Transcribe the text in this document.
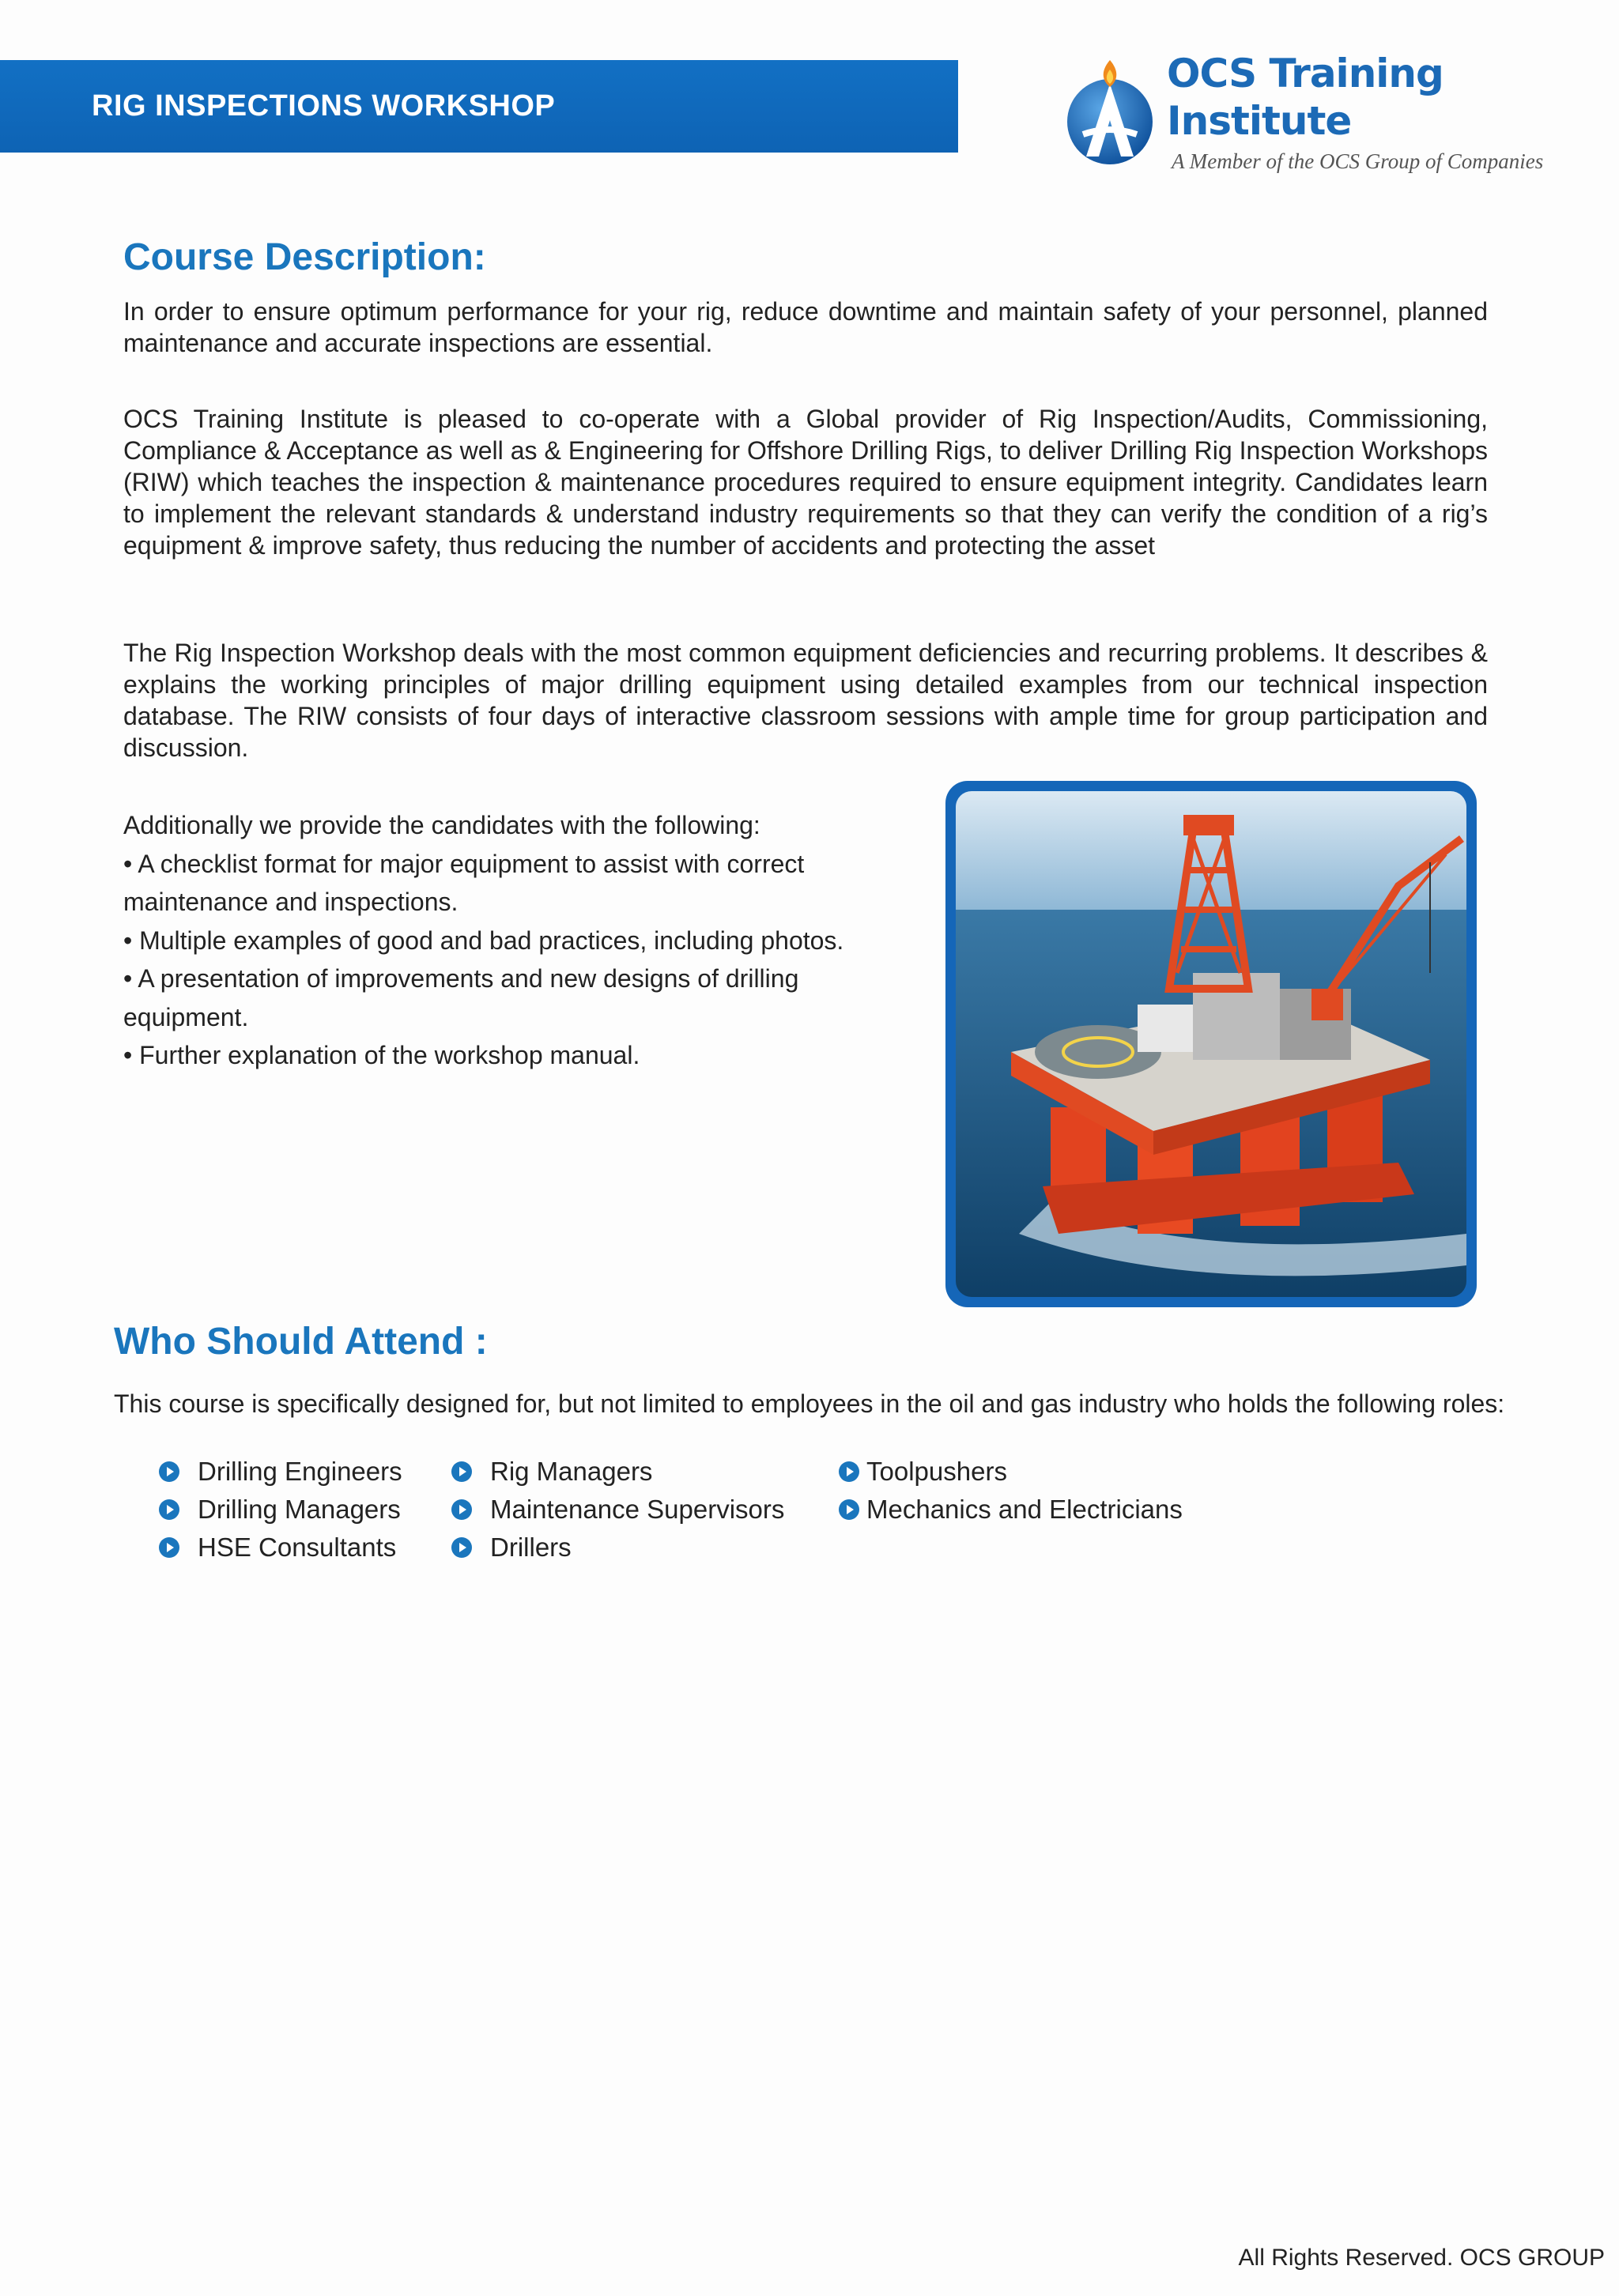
RIG INSPECTIONS WORKSHOP
OCS Training Institute
A Member of the OCS Group of Companies
Course Description:

In order to ensure optimum performance for your rig, reduce downtime and maintain safety of your personnel, planned maintenance and accurate inspections are essential.

OCS Training Institute is pleased to co-operate with a Global provider of Rig Inspection/Audits, Commissioning, Compliance & Acceptance as well as & Engineering for Offshore Drilling Rigs, to deliver Drilling Rig Inspection Workshops (RIW) which teaches the inspection & maintenance procedures required to ensure equipment integrity. Candidates learn to implement the relevant standards & understand industry requirements so that they can verify the condition of a rig’s equipment & improve safety, thus reducing the number of accidents and protecting the asset

The Rig Inspection Workshop deals with the most common equipment deficiencies and recurring problems. It describes & explains the working principles of major drilling equipment using detailed examples from our technical inspection database. The RIW consists of four days of interactive classroom sessions with ample time for group participation and discussion.

Additionally we provide the candidates with the following:
• A checklist format for major equipment to assist with correct maintenance and inspections.
• Multiple examples of good and bad practices, including photos.
• A presentation of improvements and new designs of drilling equipment.
• Further explanation of the workshop manual.
Who Should Attend :
This course is specifically designed for, but not limited to employees in the oil and gas industry who holds the following roles:
Drilling Engineers	Rig Managers	Toolpushers
Drilling Managers	Maintenance Supervisors	Mechanics and Electricians
HSE Consultants	Drillers
All Rights Reserved. OCS GROUP
